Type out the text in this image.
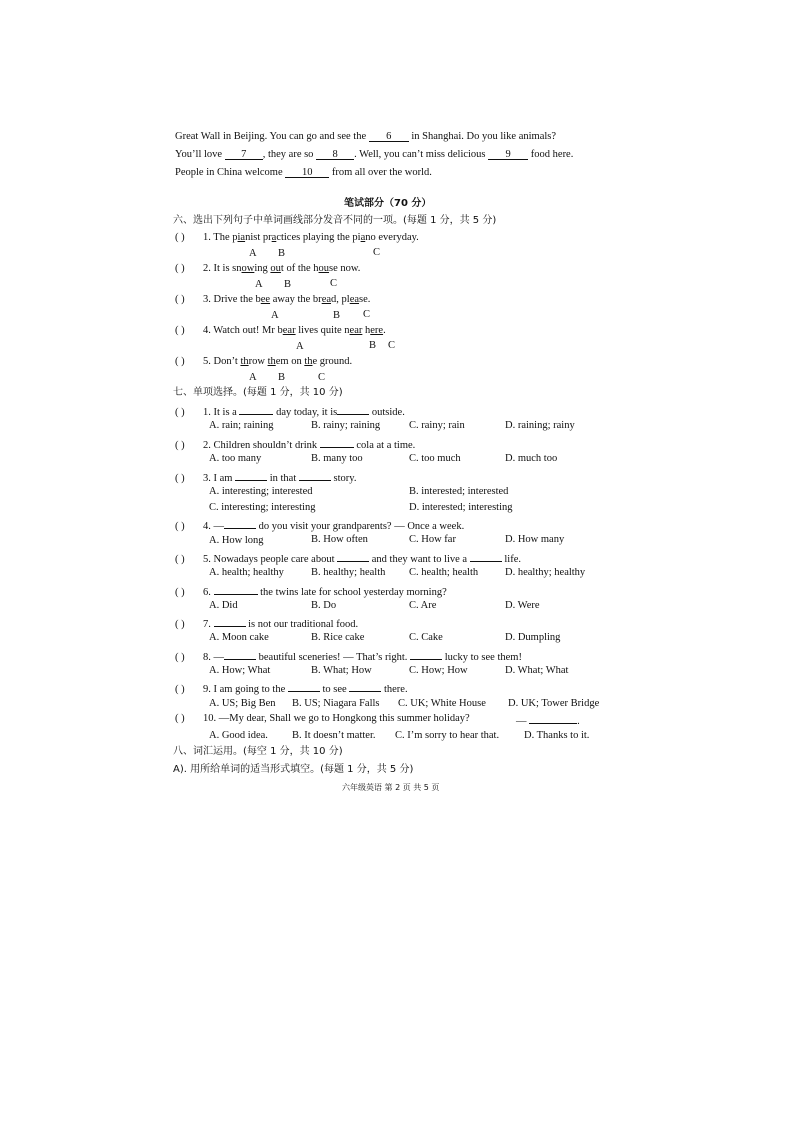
Great Wall in Beijing. You can go and see the 6 in Shanghai. Do you like animals?
You’ll love 7 , they are so 8 . Well, you can’t miss delicious 9 food here.
People in China welcome 10 from all over the world.
笔试部分（70 分）
六、选出下列句子中单词画线部分发音不同的一项。(每题 1 分，共 5 分)
( ) 1. The pianist practices playing the piano everyday.
A B	C
( ) 2. It is snowing out of the house now.
A B	C
( ) 3. Drive the bee away the bread, please.
A	B C
( ) 4. Watch out! Mr bear lives quite near here.
A	B C
( ) 5. Don’t throw them on the ground.
A B	C
七、单项选择。(每题 1 分，共 10 分)
( ) 1. It is a	day today, it is	outside.
A. rain; raining	B. rainy; raining	C. rainy; rain	D. raining; rainy
( ) 2. Children shouldn’t drink	cola at a time.
A. too many	B. many too	C. too much	D. much too
( ) 3. I am	in that	story.
A. interesting; interested	B. interested; interested
C. interesting; interesting	D. interested; interesting
( ) 4. —	do you visit your grandparents? — Once a week.
A. How long	B. How often	C. How far	D. How many
( ) 5. Nowadays people care about	and they want to live a	life.
A. health; healthy	B. healthy; health C. health; health	D. healthy; healthy
( ) 6.	the twins late for school yesterday morning?
A. Did	B. Do	C. Are	D. Were
( ) 7.	is not our traditional food.
A. Moon cake	B. Rice cake	C. Cake	D. Dumpling
( ) 8. —	beautiful sceneries! — That’s right.	lucky to see them!
A. How; What	B. What; How	C. How; How	D. What; What
( ) 9. I am going to the	to see	there.
A. US; Big Ben B. US; Niagara Falls C. UK; White House D. UK; Tower Bridge
( ) 10. —My dear, Shall we go to Hongkong this summer holiday?	—	.
A. Good idea. B. It doesn’t matter. C. I’m sorry to hear that. D. Thanks to it.
八、词汇运用。(每空 1 分，共 10 分)
A). 用所给单词的适当形式填空。(每题 1 分，共 5 分)
六年级英语 第 2 页 共 5 页
